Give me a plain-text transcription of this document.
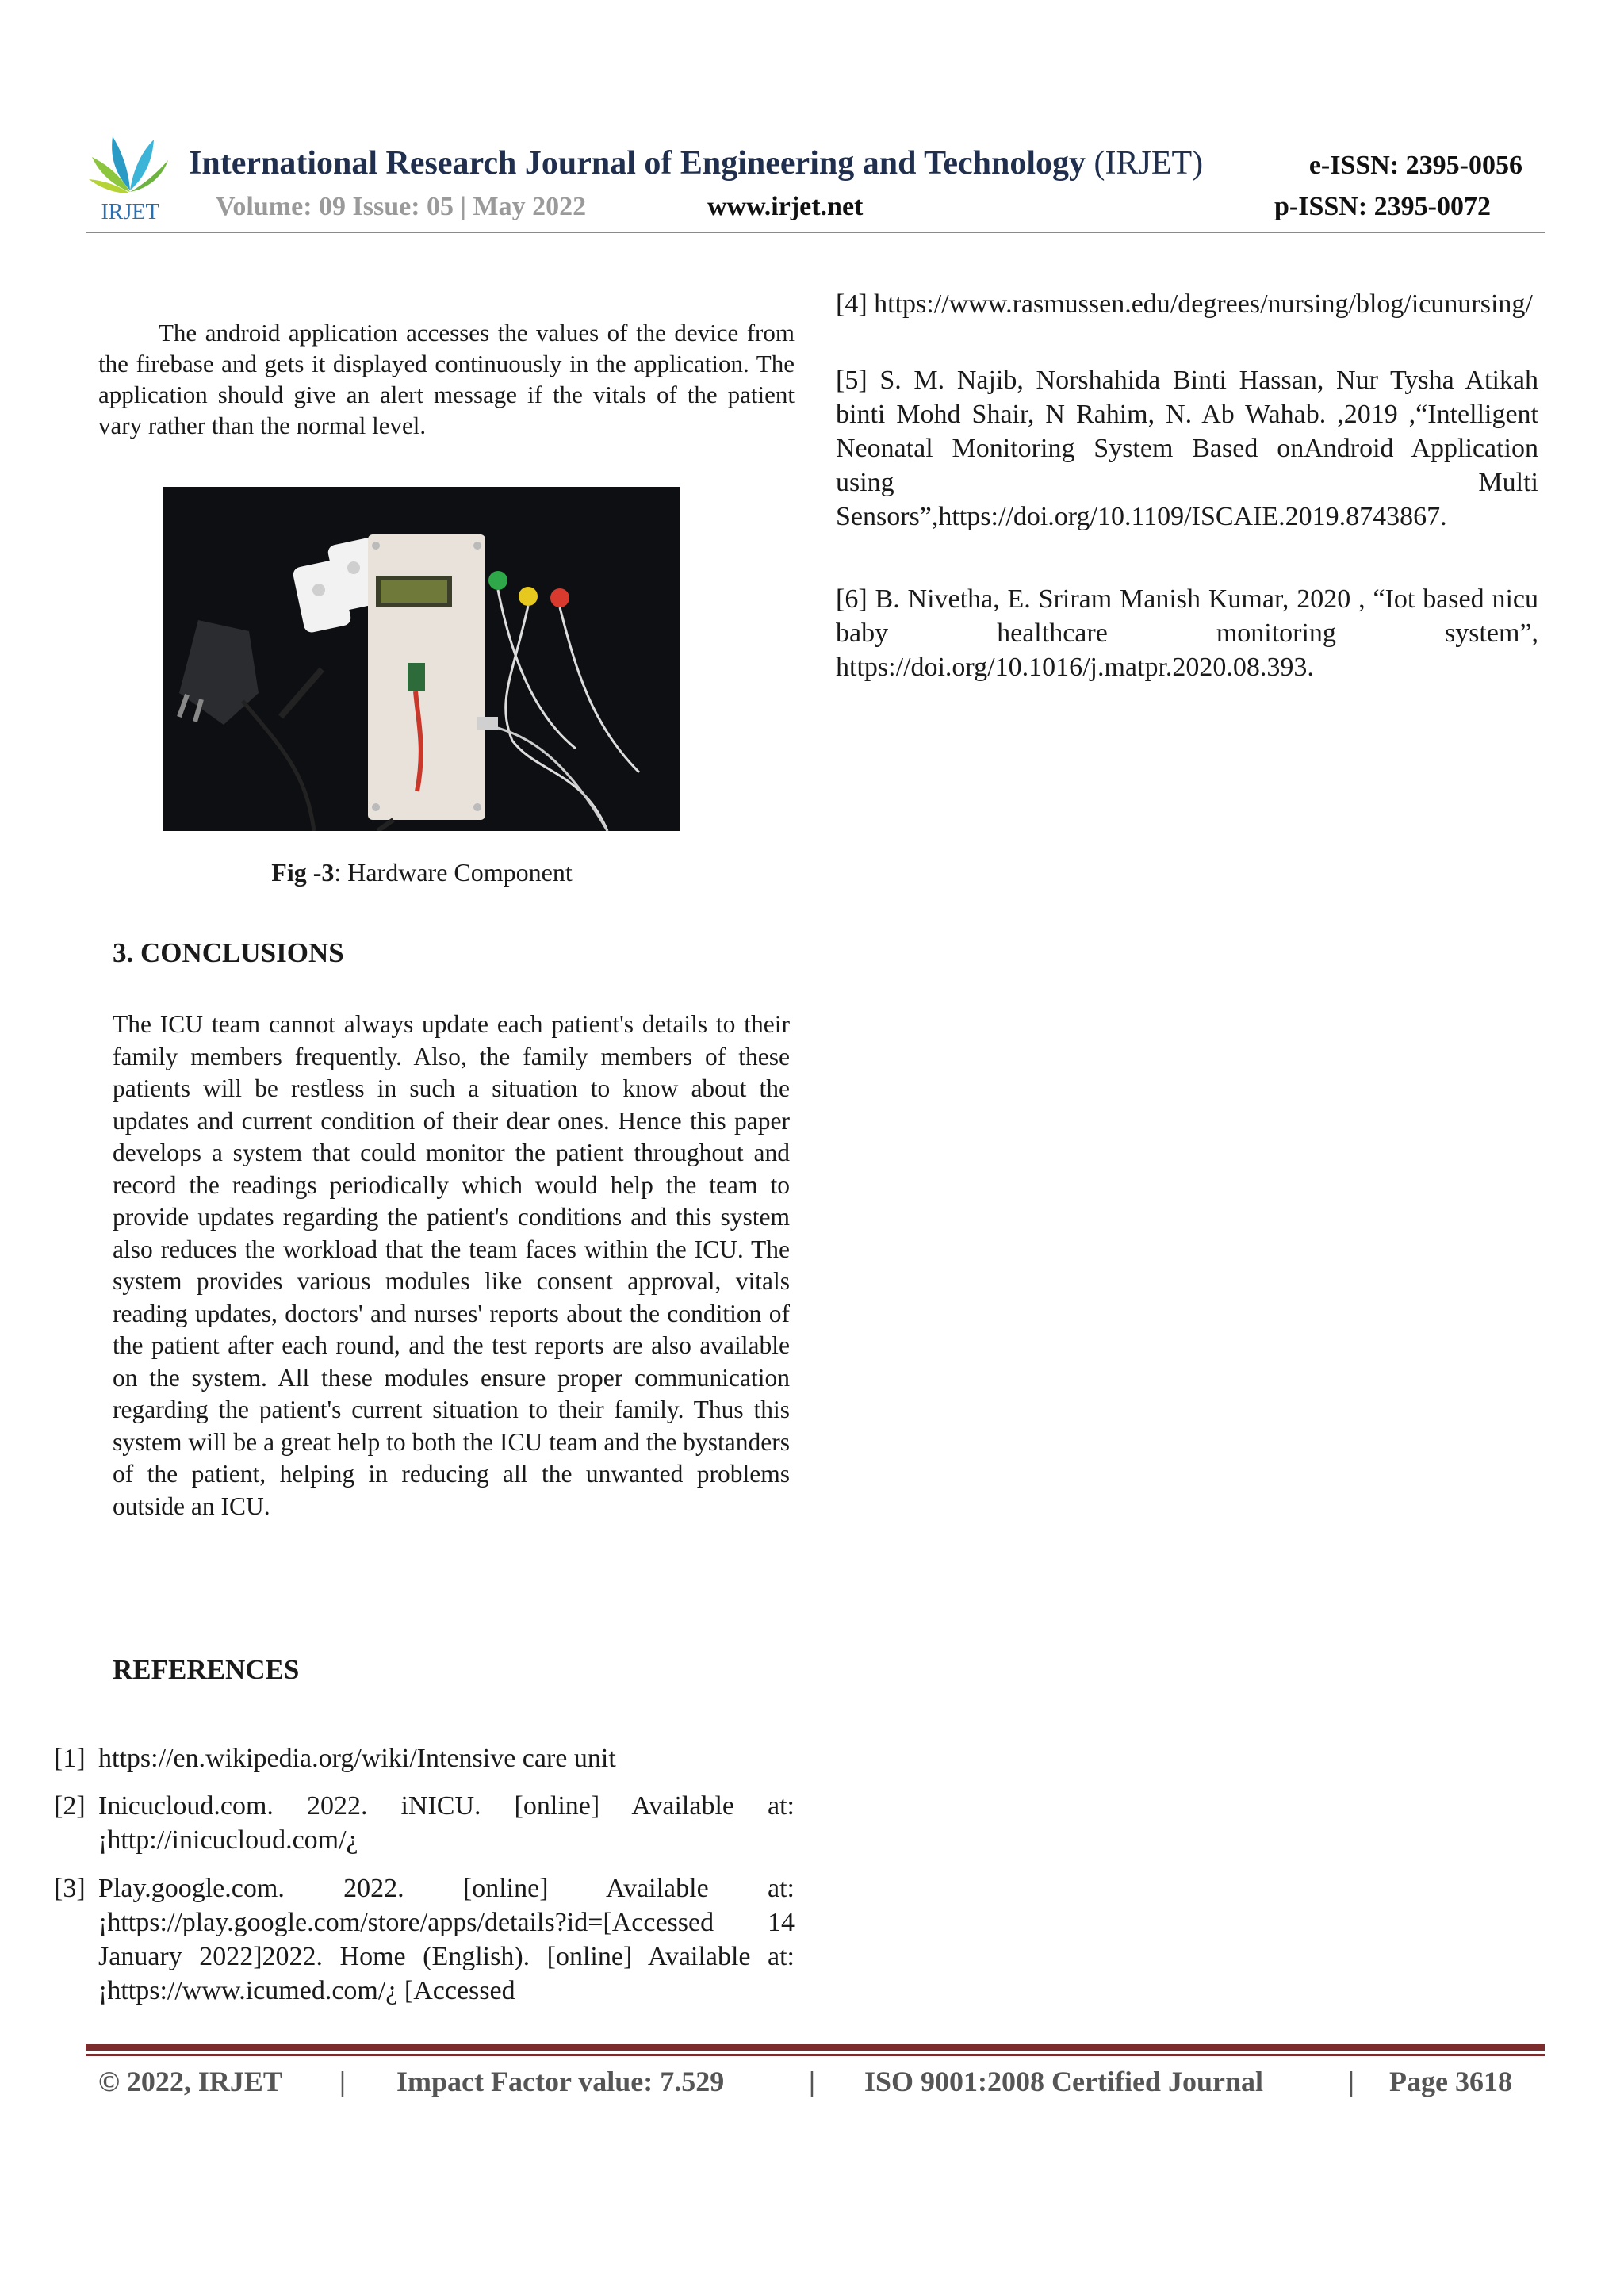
IRJET
International Research Journal of Engineering and Technology (IRJET)	e-ISSN: 2395-0056
Volume: 09 Issue: 05 | May 2022	www.irjet.net	p-ISSN: 2395-0072

The android application accesses the values of the device from the firebase and gets it displayed continuously in the application. The application should give an alert message if the vitals of the patient vary rather than the normal level.

Fig -3: Hardware Component
3. CONCLUSIONS

The ICU team cannot always update each patient's details to their family members frequently. Also, the family members of these patients will be restless in such a situation to know about the updates and current condition of their dear ones. Hence this paper develops a system that could monitor the patient throughout and record the readings periodically which would help the team to provide updates regarding the patient's conditions and this system also reduces the workload that the team faces within the ICU. The system provides various modules like consent approval, vitals reading updates, doctors' and nurses' reports about the condition of the patient after each round, and the test reports are also available on the system. All these modules ensure proper communication regarding the patient's current situation to their family. Thus this system will be a great help to both the ICU team and the bystanders of the patient, helping in reducing all the unwanted problems outside an ICU.

REFERENCES

[1] https://en.wikipedia.org/wiki/Intensive care unit

[2] Inicucloud.com. 2022. iNICU. [online] Available at: ¡http://inicucloud.com/¿

[3] Play.google.com. 2022. [online] Available at: ¡https://play.google.com/store/apps/details?id=[Accessed 14 January 2022]2022. Home (English). [online] Available at:¡https://www.icumed.com/¿ [Accessed

[4] https://www.rasmussen.edu/degrees/nursing/blog/icunursing/

[5] S. M. Najib, Norshahida Binti Hassan, Nur Tysha Atikah binti Mohd Shair, N Rahim, N. Ab Wahab. ,2019 ,“Intelligent Neonatal Monitoring System Based onAndroid Application using Multi Sensors”,https://doi.org/10.1109/ISCAIE.2019.8743867.

[6] B. Nivetha, E. Sriram Manish Kumar, 2020 , “Iot based nicu baby healthcare monitoring system”, https://doi.org/10.1016/j.matpr.2020.08.393.

© 2022, IRJET | Impact Factor value: 7.529	| ISO 9001:2008 Certified Journal	| Page 3618
